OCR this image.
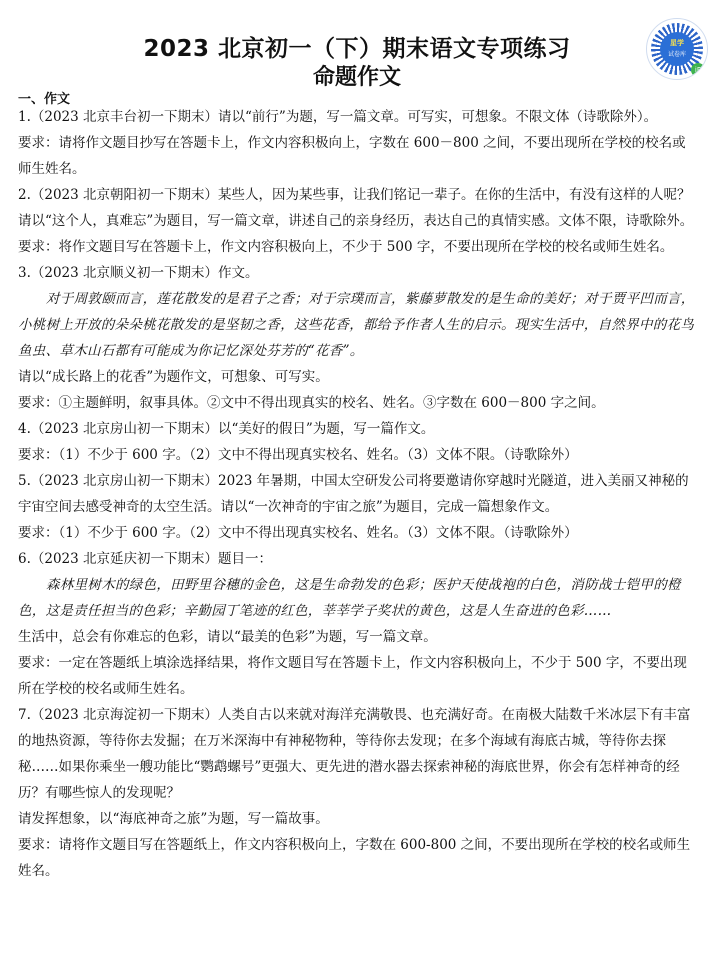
2023 北京初一（下）期末语文专项练习
命题作文
星学
试卷库
iP
一、作文

1.（2023 北京丰台初一下期末）请以“前行”为题，写一篇文章。可写实，可想象。不限文体（诗歌除外）。

要求：请将作文题目抄写在答题卡上，作文内容积极向上，字数在 600－800 之间，不要出现所在学校的校名或师生姓名。

2.（2023 北京朝阳初一下期末）某些人，因为某些事，让我们铭记一辈子。在你的生活中，有没有这样的人呢？请以“这个人，真难忘”为题目，写一篇文章，讲述自己的亲身经历，表达自己的真情实感。文体不限，诗歌除外。

要求：将作文题目写在答题卡上，作文内容积极向上，不少于 500 字，不要出现所在学校的校名或师生姓名。

3.（2023 北京顺义初一下期末）作文。

对于周敦颐而言，莲花散发的是君子之香；对于宗璞而言，紫藤萝散发的是生命的美好；对于贾平凹而言，小桃树上开放的朵朵桃花散发的是坚韧之香，这些花香，都给予作者人生的启示。现实生活中，自然界中的花鸟鱼虫、草木山石都有可能成为你记忆深处芬芳的“花香”。

请以“成长路上的花香”为题作文，可想象、可写实。

要求：①主题鲜明，叙事具体。②文中不得出现真实的校名、姓名。③字数在 600－800 字之间。

4.（2023 北京房山初一下期末）以“美好的假日”为题，写一篇作文。

要求：（1）不少于 600 字。（2）文中不得出现真实校名、姓名。（3）文体不限。（诗歌除外）

5.（2023 北京房山初一下期末）2023 年暑期，中国太空研发公司将要邀请你穿越时光隧道，进入美丽又神秘的宇宙空间去感受神奇的太空生活。请以“一次神奇的宇宙之旅”为题目，完成一篇想象作文。

要求：（1）不少于 600 字。（2）文中不得出现真实校名、姓名。（3）文体不限。（诗歌除外）

6.（2023 北京延庆初一下期末）题目一：

森林里树木的绿色，田野里谷穗的金色，这是生命勃发的色彩；医护天使战袍的白色，消防战士铠甲的橙色，这是责任担当的色彩；辛勤园丁笔迹的红色，莘莘学子奖状的黄色，这是人生奋进的色彩……

生活中，总会有你难忘的色彩，请以“最美的色彩”为题，写一篇文章。

要求：一定在答题纸上填涂选择结果，将作文题目写在答题卡上，作文内容积极向上，不少于 500 字，不要出现所在学校的校名或师生姓名。

7.（2023 北京海淀初一下期末）人类自古以来就对海洋充满敬畏、也充满好奇。在南极大陆数千米冰层下有丰富的地热资源，等待你去发掘；在万米深海中有神秘物种，等待你去发现；在多个海域有海底古城，等待你去探秘……如果你乘坐一艘功能比“鹦鹉螺号”更强大、更先进的潜水器去探索神秘的海底世界，你会有怎样神奇的经历？有哪些惊人的发现呢？

请发挥想象，以“海底神奇之旅”为题，写一篇故事。

要求：请将作文题目写在答题纸上，作文内容积极向上，字数在 600-800 之间，不要出现所在学校的校名或师生姓名。
